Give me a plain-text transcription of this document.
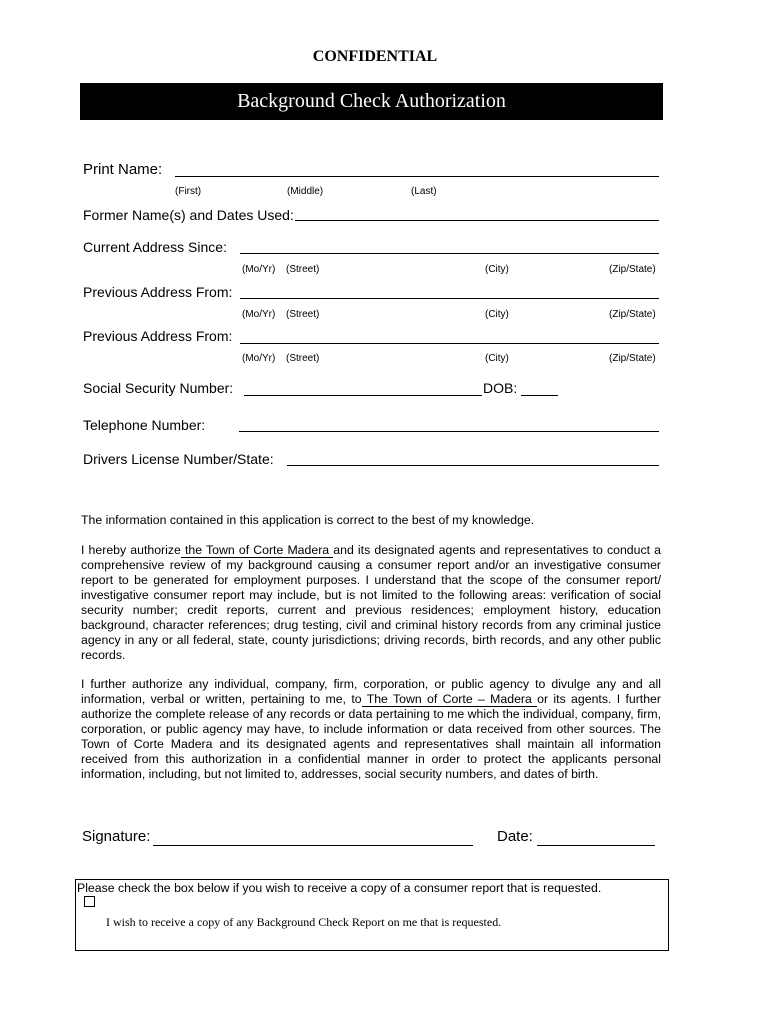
CONFIDENTIAL
Background Check Authorization
Print Name:
(First)	(Middle)	(Last)
Former Name(s) and Dates Used:
Current Address Since:
(Mo/Yr) (Street)	(City)	(Zip/State)
Previous Address From:
(Mo/Yr) (Street)	(City)	(Zip/State)
Previous Address From:
(Mo/Yr) (Street)	(City)	(Zip/State)
Social Security Number:	DOB:
Telephone Number:
Drivers License Number/State:
The information contained in this application is correct to the best of my knowledge.
I hereby authorize the Town of Corte Madera and its designated agents and representatives to conduct a comprehensive review of my background causing a consumer report and/or an investigative consumer report to be generated for employment purposes. I understand that the scope of the consumer report/ investigative consumer report may include, but is not limited to the following areas: verification of social security number; credit reports, current and previous residences; employment history, education background, character references; drug testing, civil and criminal history records from any criminal justice agency in any or all federal, state, county jurisdictions; driving records, birth records, and any other public records.
I further authorize any individual, company, firm, corporation, or public agency to divulge any and all information, verbal or written, pertaining to me, to The Town of Corte – Madera or its agents. I further authorize the complete release of any records or data pertaining to me which the individual, company, firm, corporation, or public agency may have, to include information or data received from other sources. The Town of Corte Madera and its designated agents and representatives shall maintain all information received from this authorization in a confidential manner in order to protect the applicants personal information, including, but not limited to, addresses, social security numbers, and dates of birth.
Signature:	Date:
Please check the box below if you wish to receive a copy of a consumer report that is requested.
I wish to receive a copy of any Background Check Report on me that is requested.
